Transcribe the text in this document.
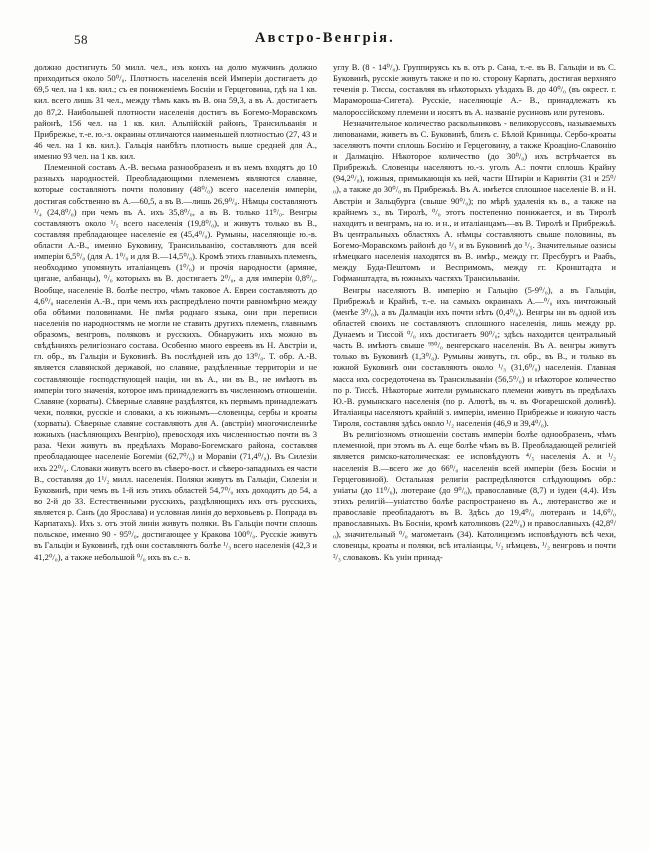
58	Австро-Венгрія.

должно достигнуть 50 милл. чел., изъ конхъ на долю мужчинъ должно приходиться около 50⁰/₀. Плотность населенія всей Имперіи достигаетъ до 69,5 чел. на 1 кв. кил.; съ ея пониженіемъ Босніи и Герцеговина, гдѣ на 1 кв. кил. всего лишь 31 чел., между тѣмъ какъ въ В. она 59,3, а въ А. достигаетъ до 87,2. Наибольшей плотности населенія достигъ въ Богемо-Моравскомъ районѣ, 156 чел. на 1 кв. кил. Альпійскій районъ, Трансильванія и Прибрежье, т.-е. ю.-з. окраины отличаются наименьшей плотностью (27, 43 и 46 чел. на 1 кв. кил.). Гальція наибѣтъ плотность выше средней для А., именно 93 чел. на 1 кв. кил.

Племенной составъ А.-В. весьма разнообразенъ и въ немъ входятъ до 10 разныхъ народностей. Преобладающими племенемъ являются славяне, которые составляютъ почти половину (48⁰/₀) всего населенія имперіи, достигая собственно въ А.—60,5, а въ В.—лишь 26,9⁰/₀. Нѣмцы составляютъ ¹/₄ (24,8⁰/₀) при чемъ въ А. ихъ 35,8⁰/₀, а въ В. только 11⁰/₀. Венгры составляютъ около ¹/₅ всего населенія (19,8⁰/₀), и живутъ только въ В., составляя пребладающее населеніе ея (45,4⁰/₀). Румыны, населяющіе ю.-в. области А.-В., именно Буковину, Трансильванію, составляютъ для всей имперіи 6,5⁰/₀ (для А. 1⁰/₀ и для В.—14,5⁰/₀). Кромѣ этихъ главныхъ племенъ, необходимо упомянуть италіанцевъ (1⁰/₀) и прочія народности (армяне, цигане, албанцы), ⁰/₀ которыхъ въ В. достигаетъ 2⁰/₀, а для имперіи 0,8⁰/₀. Вообще, населеніе В. болѣе пестро, чѣмъ таковое А. Евреи составляютъ до 4,6⁰/₀ населенія А.-В., при чемъ ихъ распредѣлено почти равномѣрно между оба обѣими половинами. Не пмѣя роднаго языка, они при переписи населенія по народностямъ не могли не ставить другихъ племенъ, главнымъ образомъ, венгровъ, поляковъ и русскихъ. Обнаружить ихъ можно въ свѣдѣнияхъ религіознаго состава. Особенно много евреевъ въ Н. Австріи и, гл. обр., въ Гальціи и Буковинѣ. Въ послѣдней изъ до 13⁰/₀. Т. обр. А.-В. является славянской державой, но славяне, раздѣленные территоріи и не составляющіе господствующей націи, ни въ А., ни въ В., не имѣютъ въ имперіи того значенія, которое имъ принадлежитъ въ численномъ отношеніи. Славяне (хорваты). Сѣверные славяне раздѣлятся, къ первымъ принадлежатъ чехи, поляки, русскіе и словаки, а къ южнымъ—словенцы, сербы и кроаты (хорваты). Сѣверные славяне составляютъ для А. (австріи) многочисленнѣе южныхъ (насѣляющихъ Венгрію), превосходя ихъ численностью почти въ 3 раза. Чехи живутъ въ предѣлахъ Мораво-Богемскаго района, составляя преобладающее населеніе Богеміи (62,7⁰/₀) и Моравіи (71,4⁰/₀). Въ Силезіи ихъ 22⁰/₀. Словаки живутъ всего въ сѣверо-вост. и сѣверо-западныхъ ея части В., составляя до 1¹/₂ милл. населенія. Поляки живутъ въ Гальціи, Силезіи и Буковинѣ, при чемъ въ 1-й изъ этихъ областей 54,7⁰/₀ ихъ доходитъ до 54, а во 2-й до 33. Естественными русскихъ, раздѣляющихъ ихъ отъ русскихъ, является р. Санъ (до Ярослава) и условная линія до верховьевъ р. Попрада въ Карпатахъ). Ихъ з. отъ этой линіи живутъ поляки. Въ Гальціи почти сплошь польское, именно 90 - 95⁰/₀, достигающее у Кракова 100⁰/₀. Русскіе живутъ въ Гальціи и Буковинѣ, гдѣ они составляютъ болѣе ¹/₃ всего населенія (42,3 и 41,2⁰/₀), а также небольшой ⁰/₀ ихъ въ с.- в.

углу В. (8 - 14⁰/₀). Группируясь къ в. отъ р. Сана, т.-е. въ В. Гальціи и въ С. Буковинѣ, русскіе живутъ также и по ю. сторону Карпатъ, достигая верхняго теченія р. Тиссы, составляя въ нѣкоторыхъ уѣздахъ В. до 40⁰/₀ (въ окрест. г. Марамороша-Сигета). Русскіе, населяющіе А.- В., принадлежатъ къ малороссійскому племени и носятъ въ А. названіе русиновъ или рутеновъ.

Незначительное количество раскольниковъ - великоруссовъ, называемыхъ липованами, живетъ въ С. Буковинѣ, близъ с. Бѣлой Криницы. Сербо-кроаты заселяютъ почти сплошь Боснію и Герцеговину, а также Кроаціио-Славонію и Далмацію. Нѣкоторое количество (до 30⁰/₀) ихъ встрѣчается въ Прибрежьѣ. Словенцы населяютъ ю.-з. уголъ А.: почти сплошь Крайну (94,2⁰/₀), южныя, примыкающія къ ней, части Штиріи и Каринтіи (31 и 25⁰/₀), а также до 30⁰/₀ въ Прибрежьѣ. Въ А. имѣется сплошное населеніе В. и Н. Австріи и Зальцбурга (свыше 90⁰/₀); по мѣрѣ удаленія къ в., а также на крайнемъ з., въ Тиролѣ, ⁰/₀ этотъ постепенно понижается, и въ Тиролѣ находитъ и венграмъ, на ю. и н., и италіанцамъ—въ В. Тиролѣ и Прибрежьѣ. Въ центральныхъ областяхъ А. нѣмцы составляютъ свыше половины, въ Богемо-Моравскомъ районѣ до ¹/₃ и въ Буковинѣ до ¹/₅. Значительные оазисы нѣмецкаго населенія находятся въ В. имѣр., между гг. Пресбургъ и Раабъ, между Буда-Пештомъ и Веспримомъ, между гг. Кронштадта и Гофманштадта, въ южныхъ частяхъ Трансильваніи.

Венгры населяютъ В. имперію и Гальцію (5-9⁰/₀), а въ Гальціи, Прибрежьѣ и Крайнѣ, т.-е. на самыхъ окраинахъ А.—⁰/₀ ихъ ничтожный (менѣе 3⁰/₀), а въ Далмаціи ихъ почти нѣтъ (0,4⁰/₀). Венгры ни въ одной изъ областей своихъ не составляютъ сплошного населенія, лишь между рр. Дунаемъ и Тиссой ⁰/₀ ихъ достигаетъ 90⁰/₀; здѣсь находится центральный часть В. имѣютъ свыше ⁹⁵⁰/₀ венгерскаго населенія. Въ А. венгры живутъ только въ Буковинѣ (1,3⁰/₀). Румыны живутъ, гл. обр., въ В., и только въ южной Буковинѣ они составляютъ около ¹/₃ (31,6⁰/₀) населенія. Главная масса ихъ сосредоточена въ Трансильваніи (56,5⁰/₀) и нѣкоторое количество по р. Тиссѣ. Нѣкоторые жители румынскаго племени живутъ въ предѣлахъ Ю.-В. румынскаго населенія (по р. Алютѣ, въ ч. въ Фогарешской долинѣ). Италіанцы населяютъ крайній з. имперіи, именно Прибрежье и южную часть Тироля, составляя здѣсь около ¹/₂ населенія (46,9 и 39,4⁰/₀).

Въ религіозномъ отношеніи составъ имперіи болѣе однообразенъ, чѣмъ племенной, при этомъ въ А. еще болѣе чѣмъ въ В. Преобладающей религіей является римско-католическая: ее исповѣдуютъ ⁴/₅ населенія А. и ¹/₂ населенія В.—всего же до 66⁰/₀ населенія всей имперіи (безъ Босніи и Герцеговиной). Остальная религіи распредѣляются слѣдующимъ обр.: уніаты (до 11⁰/₀), лютеране (до 9⁰/₀), православные (8,7) и іудеи (4,4). Изъ этихъ религій—уніатство болѣе распространено въ А., лютеранство же и православіе преобладаютъ въ В. Здѣсь до 19,4⁰/₀ лютеранъ и 14,6⁰/₀ православныхъ. Въ Босніи, кромѣ католиковъ (22⁰/₀) и православныхъ (42,8⁰/₀), значительный ⁰/₀ магометанъ (34). Католицизмъ исповѣдуютъ всѣ чехи, словенцы, кроаты и поляки, всѣ италіанцы, ¹/₂ нѣмцевъ, ¹/₂ венгровъ и почти ²/₃ словаковъ. Къ уніи принад-
